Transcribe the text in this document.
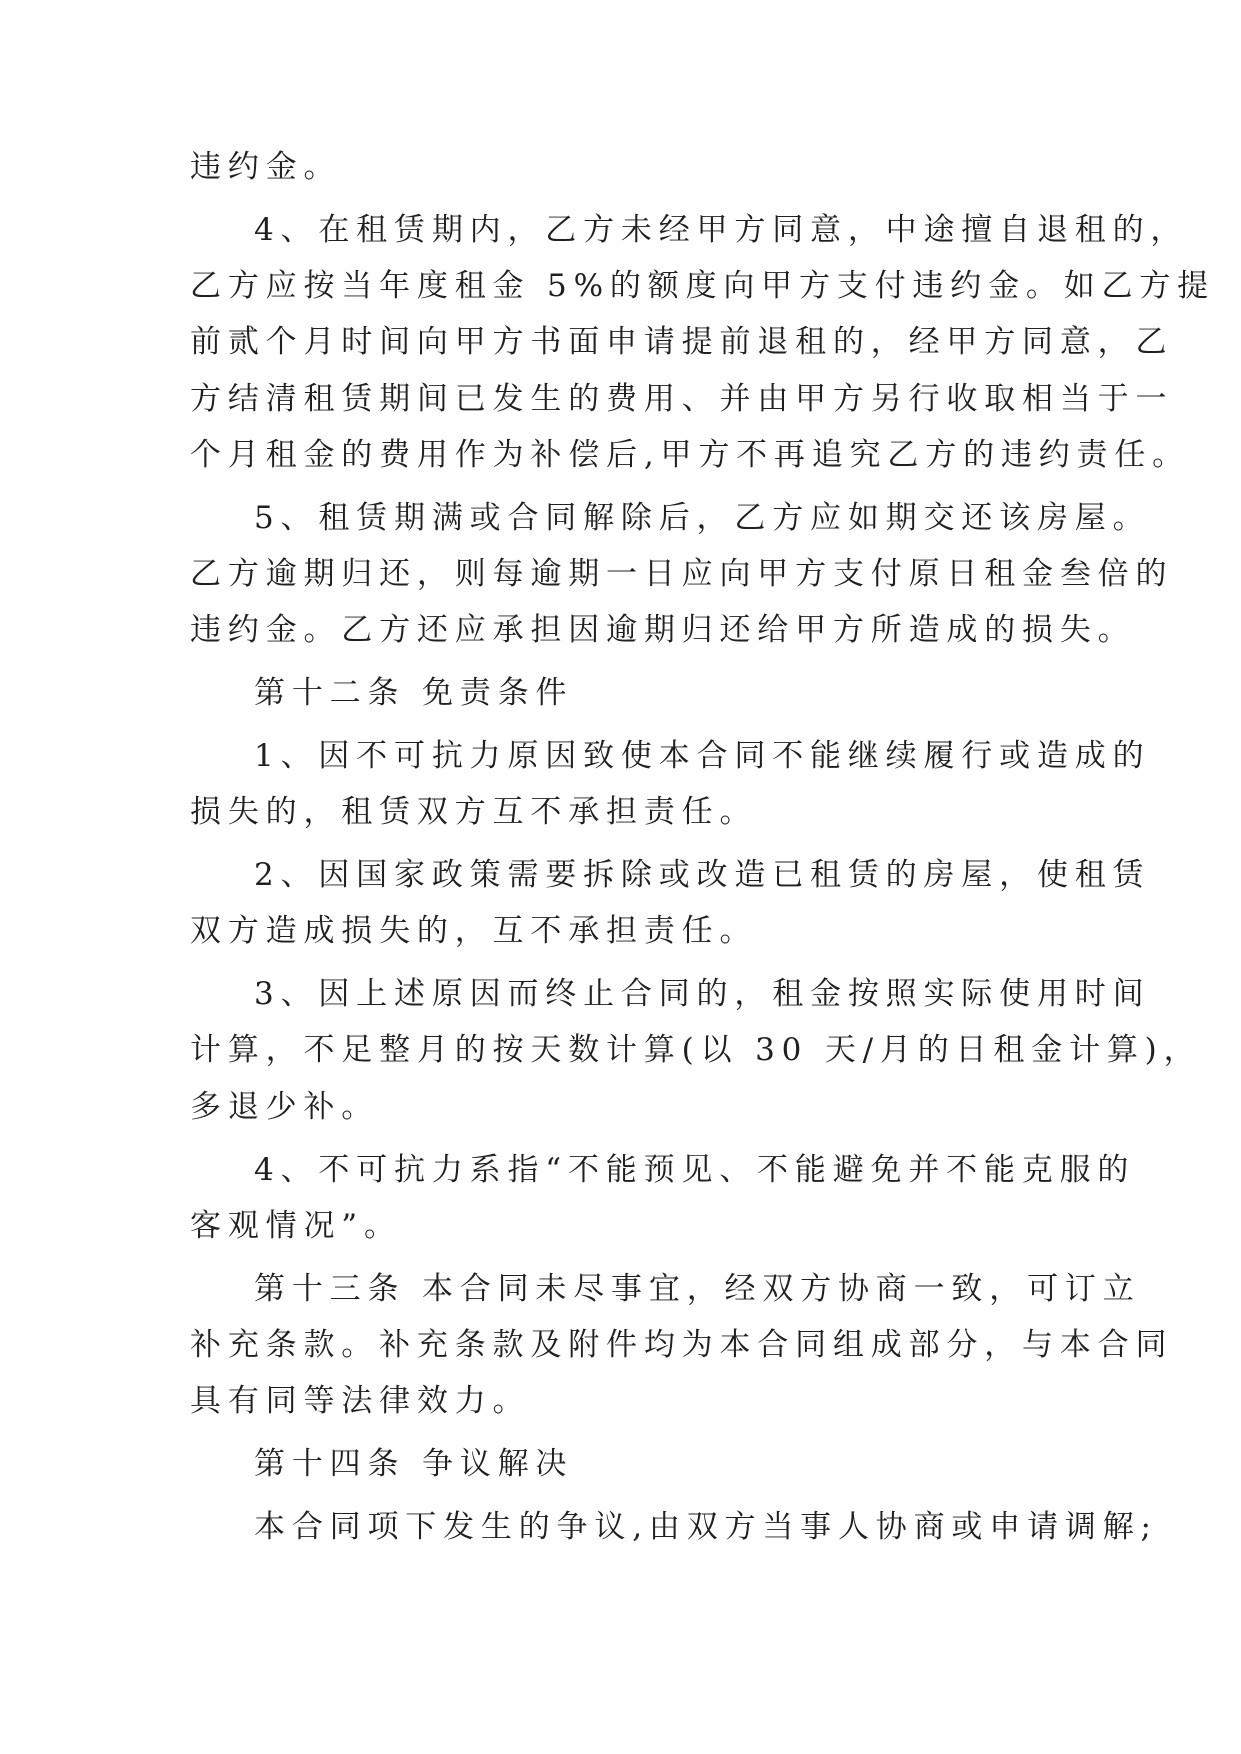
违约金。

4、在租赁期内，乙方未经甲方同意，中途擅自退租的，

乙方应按当年度租金 5%的额度向甲方支付违约金。如乙方提

前贰个月时间向甲方书面申请提前退租的，经甲方同意，乙

方结清租赁期间已发生的费用、并由甲方另行收取相当于一

个月租金的费用作为补偿后,甲方不再追究乙方的违约责任。

5、租赁期满或合同解除后，乙方应如期交还该房屋。

乙方逾期归还，则每逾期一日应向甲方支付原日租金叁倍的

违约金。乙方还应承担因逾期归还给甲方所造成的损失。

第十二条 免责条件

1、因不可抗力原因致使本合同不能继续履行或造成的

损失的，租赁双方互不承担责任。

2、因国家政策需要拆除或改造已租赁的房屋，使租赁

双方造成损失的，互不承担责任。

3、因上述原因而终止合同的，租金按照实际使用时间

计算，不足整月的按天数计算(以 30 天/月的日租金计算)，

多退少补。

4、不可抗力系指“不能预见、不能避免并不能克服的

客观情况”。

第十三条 本合同未尽事宜，经双方协商一致，可订立

补充条款。补充条款及附件均为本合同组成部分，与本合同

具有同等法律效力。

第十四条 争议解决

本合同项下发生的争议,由双方当事人协商或申请调解;
